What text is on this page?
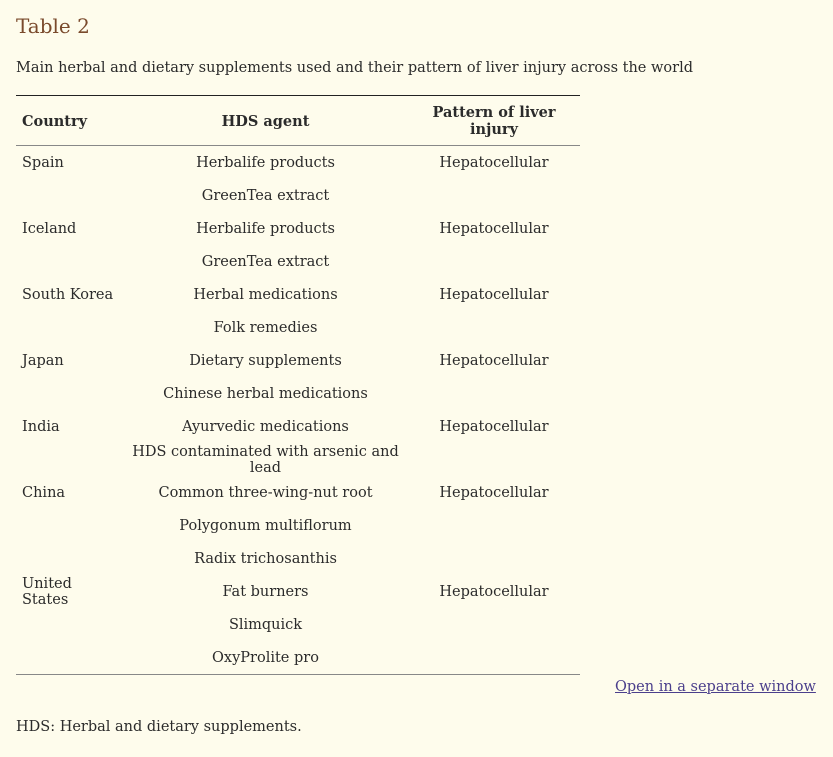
Table 2
Main herbal and dietary supplements used and their pattern of liver injury across the world
Country	HDS agent	Pattern of liver injury
Spain	Herbalife products	Hepatocellular
	GreenTea extract	
Iceland	Herbalife products	Hepatocellular
	GreenTea extract	
South Korea	Herbal medications	Hepatocellular
	Folk remedies	
Japan	Dietary supplements	Hepatocellular
	Chinese herbal medications	
India	Ayurvedic medications	Hepatocellular
	HDS contaminated with arsenic and lead	
China	Common three-wing-nut root	Hepatocellular
	Polygonum multiflorum	
	Radix trichosanthis	
United States	Fat burners	Hepatocellular
	Slimquick	
	OxyProlite pro	
Open in a separate window
HDS: Herbal and dietary supplements.
